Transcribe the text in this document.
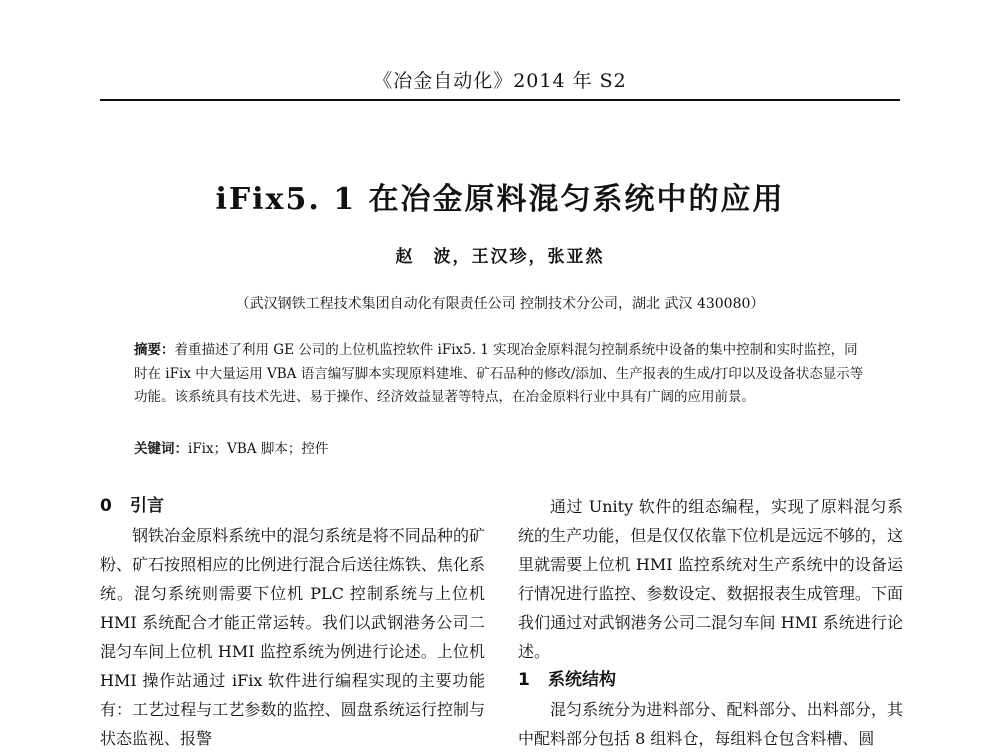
《冶金自动化》2014 年 S2
iFix5. 1 在冶金原料混匀系统中的应用
赵　波，王汉珍，张亚然
（武汉钢铁工程技术集团自动化有限责任公司 控制技术分公司，湖北 武汉 430080）
摘要：着重描述了利用 GE 公司的上位机监控软件 iFix5. 1 实现冶金原料混匀控制系统中设备的集中控制和实时监控，同时在 iFix 中大量运用 VBA 语言编写脚本实现原料建堆、矿石品种的修改/添加、生产报表的生成/打印以及设备状态显示等功能。该系统具有技术先进、易于操作、经济效益显著等特点，在冶金原料行业中具有广阔的应用前景。
关键词：iFix；VBA 脚本；控件
0 引言

钢铁冶金原料系统中的混匀系统是将不同品种的矿粉、矿石按照相应的比例进行混合后送往炼铁、焦化系统。混匀系统则需要下位机 PLC 控制系统与上位机 HMI 系统配合才能正常运转。我们以武钢港务公司二混匀车间上位机 HMI 监控系统为例进行论述。上位机 HMI 操作站通过 iFix 软件进行编程实现的主要功能有：工艺过程与工艺参数的监控、圆盘系统运行控制与状态监视、报警

通过 Unity 软件的组态编程，实现了原料混匀系统的生产功能，但是仅仅依靠下位机是远远不够的，这里就需要上位机 HMI 监控系统对生产系统中的设备运行情况进行监控、参数设定、数据报表生成管理。下面我们通过对武钢港务公司二混匀车间 HMI 系统进行论述。

1 系统结构

混匀系统分为进料部分、配料部分、出料部分，其中配料部分包括 8 组料仓，每组料仓包含料槽、圆
